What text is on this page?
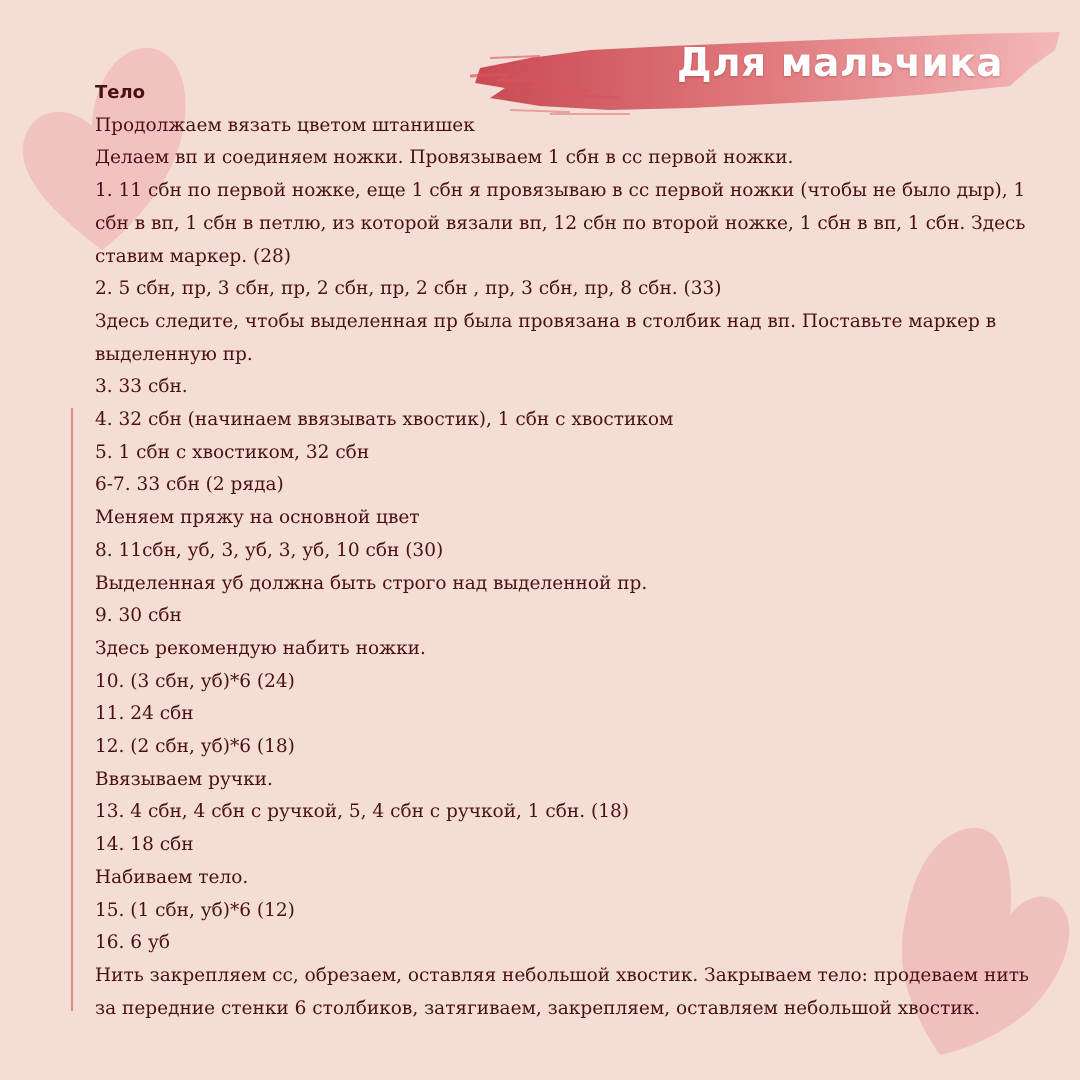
Для мальчика
Тело
Продолжаем вязать цветом штанишек
Делаем вп и соединяем ножки. Провязываем 1 сбн в сс первой ножки.
1. 11 сбн по первой ножке, еще 1 сбн я провязываю в сс первой ножки (чтобы не было дыр), 1 сбн в вп, 1 сбн в петлю, из которой вязали вп, 12 сбн по второй ножке, 1 сбн в вп, 1 сбн. Здесь ставим маркер. (28)
2. 5 сбн, пр, 3 сбн, пр, 2 сбн, пр, 2 сбн , пр, 3 сбн, пр, 8 сбн. (33)
Здесь следите, чтобы выделенная пр была провязана в столбик над вп. Поставьте маркер в выделенную пр.
3. 33 сбн.
4. 32 сбн (начинаем ввязывать хвостик), 1 сбн с хвостиком
5. 1 сбн с хвостиком, 32 сбн
6-7. 33 сбн (2 ряда)
Меняем пряжу на основной цвет
8. 11сбн, уб, 3, уб, 3, уб, 10 сбн (30)
Выделенная уб должна быть строго над выделенной пр.
9. 30 сбн
Здесь рекомендую набить ножки.
10. (3 сбн, уб)*6 (24)
11. 24 сбн
12. (2 сбн, уб)*6 (18)
Ввязываем ручки.
13. 4 сбн, 4 сбн с ручкой, 5, 4 сбн с ручкой, 1 сбн. (18)
14. 18 сбн
Набиваем тело.
15. (1 сбн, уб)*6 (12)
16. 6 уб
Нить закрепляем сс, обрезаем, оставляя небольшой хвостик. Закрываем тело: продеваем нить за передние стенки 6 столбиков, затягиваем, закрепляем, оставляем небольшой хвостик.
